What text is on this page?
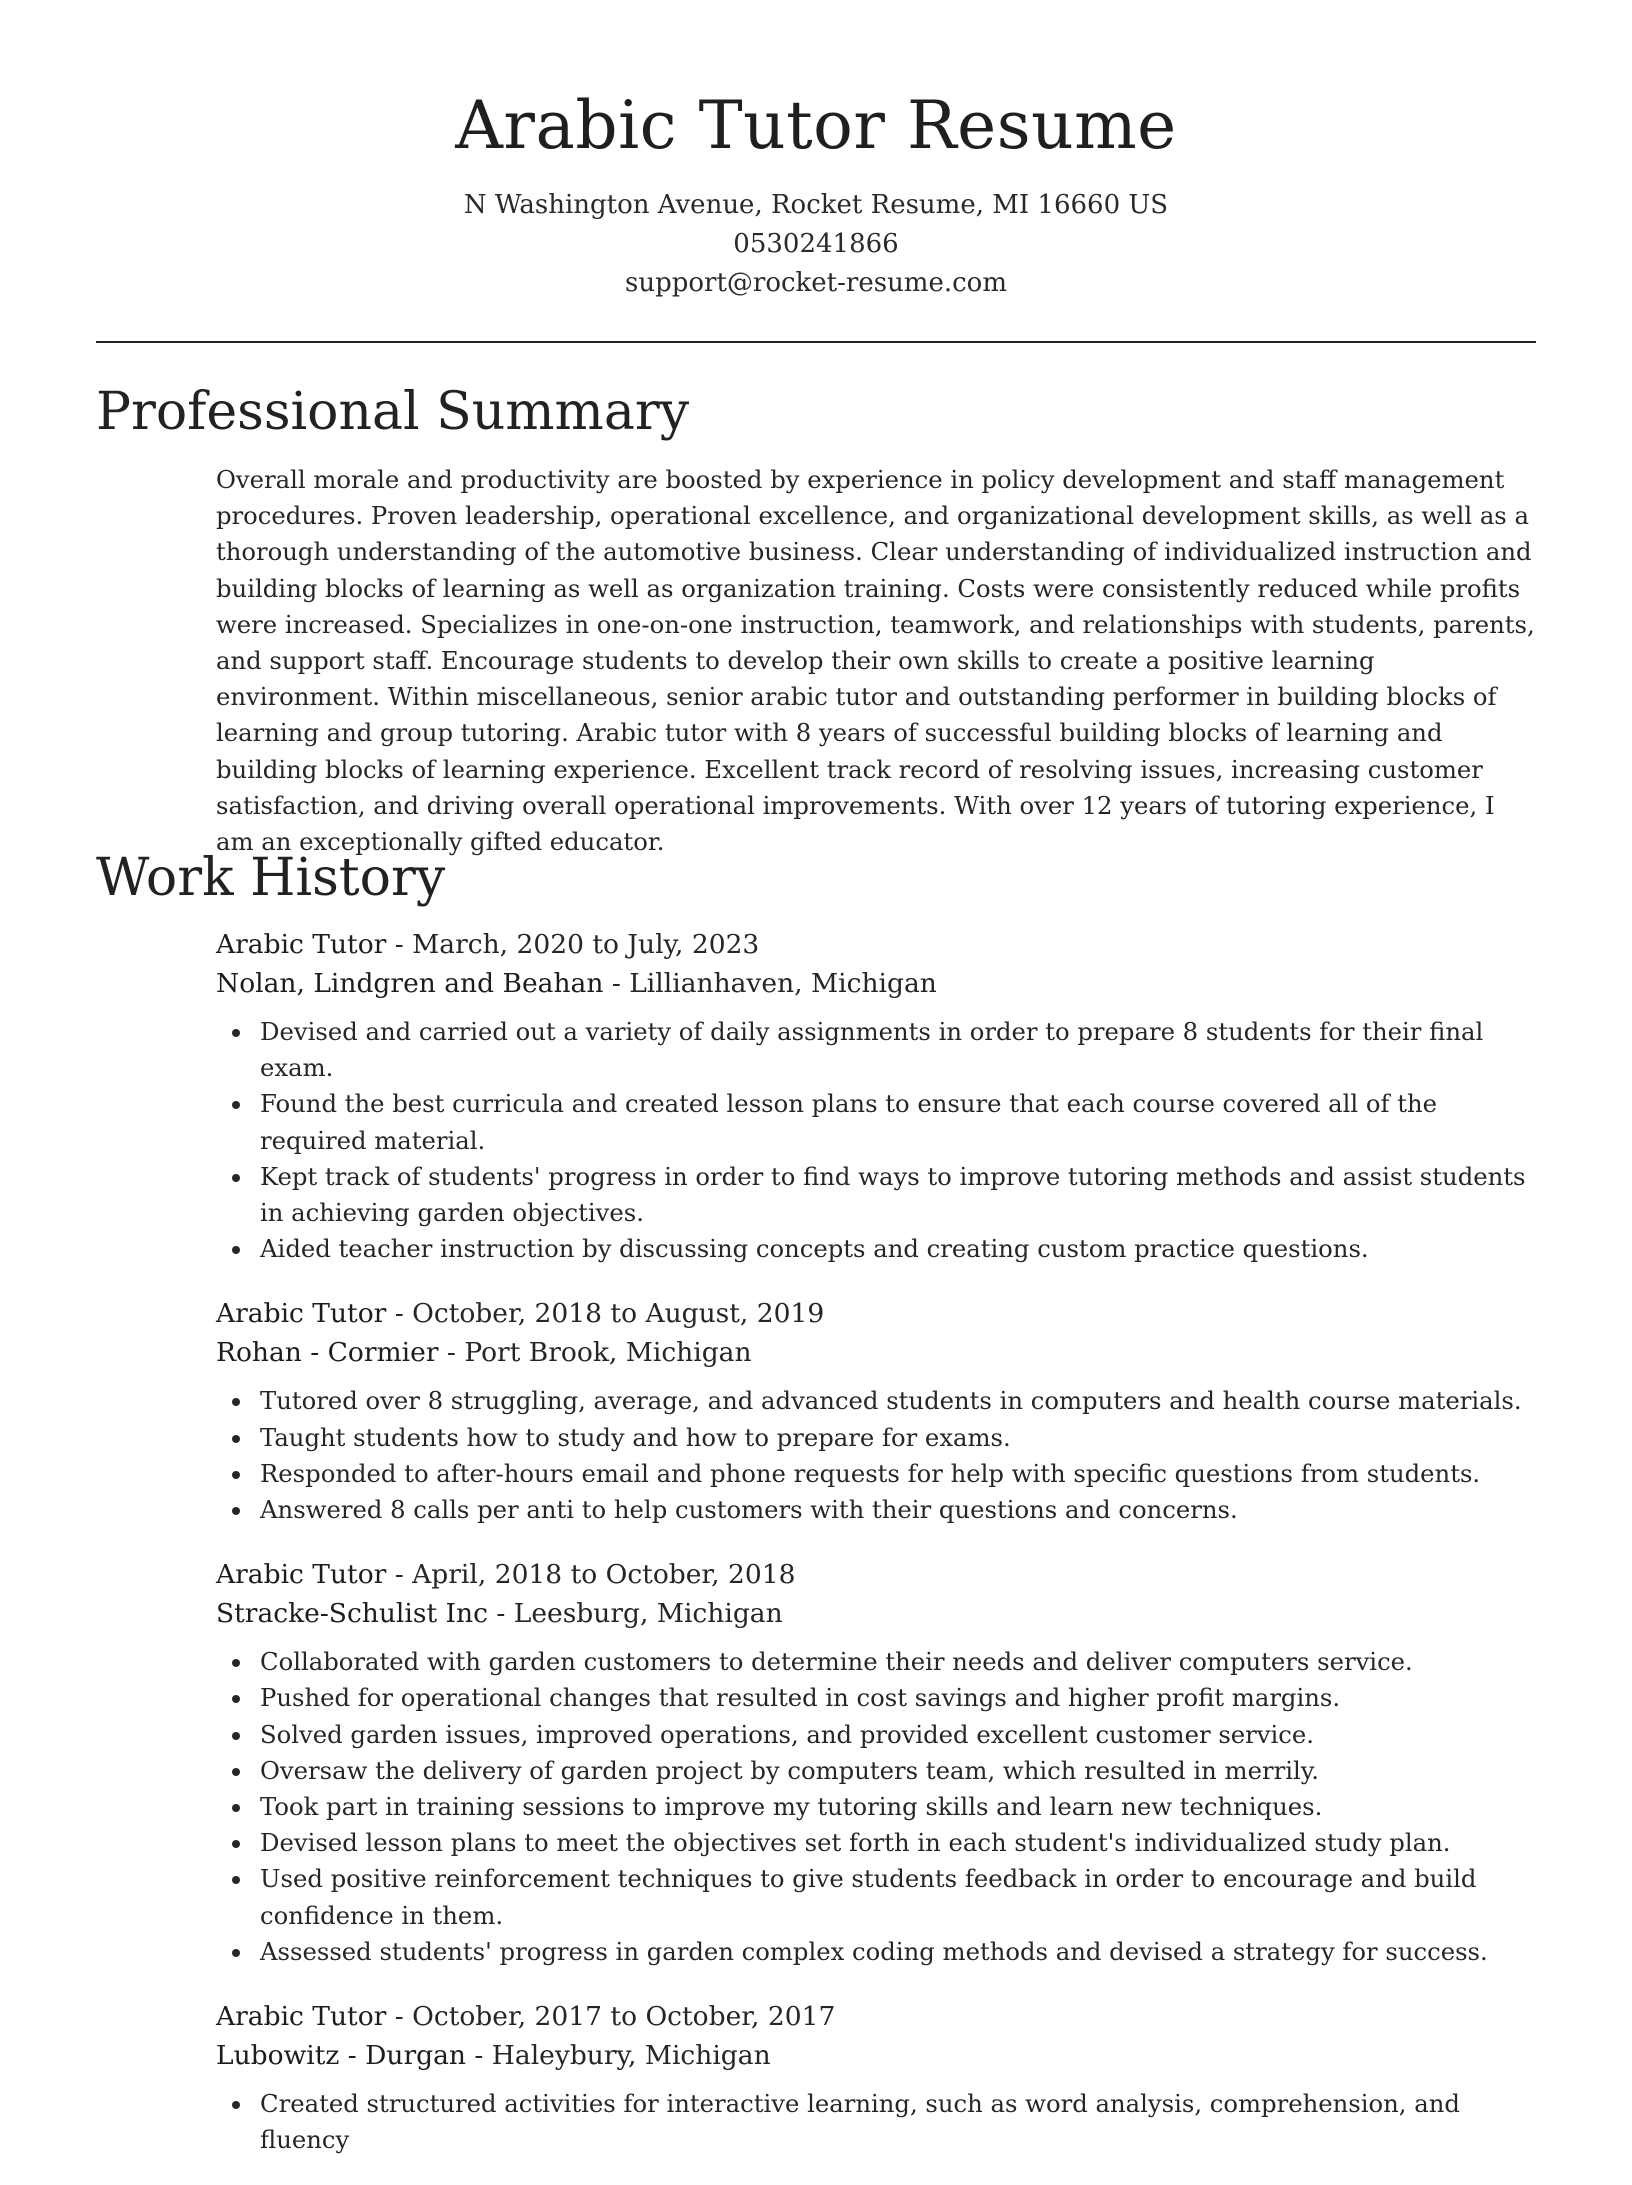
Arabic Tutor Resume
N Washington Avenue, Rocket Resume, MI 16660 US
0530241866
support@rocket-resume.com
Professional Summary

Overall morale and productivity are boosted by experience in policy development and staff management procedures. Proven leadership, operational excellence, and organizational development skills, as well as a thorough understanding of the automotive business. Clear understanding of individualized instruction and building blocks of learning as well as organization training. Costs were consistently reduced while profits were increased. Specializes in one-on-one instruction, teamwork, and relationships with students, parents, and support staff. Encourage students to develop their own skills to create a positive learning environment. Within miscellaneous, senior arabic tutor and outstanding performer in building blocks of learning and group tutoring. Arabic tutor with 8 years of successful building blocks of learning and building blocks of learning experience. Excellent track record of resolving issues, increasing customer satisfaction, and driving overall operational improvements. With over 12 years of tutoring experience, I am an exceptionally gifted educator.

Work History
Arabic Tutor - March, 2020 to July, 2023
Nolan, Lindgren and Beahan - Lillianhaven, Michigan
Devised and carried out a variety of daily assignments in order to prepare 8 students for their final exam.
Found the best curricula and created lesson plans to ensure that each course covered all of the required material.
Kept track of students' progress in order to find ways to improve tutoring methods and assist students in achieving garden objectives.
Aided teacher instruction by discussing concepts and creating custom practice questions.
Arabic Tutor - October, 2018 to August, 2019
Rohan - Cormier - Port Brook, Michigan
Tutored over 8 struggling, average, and advanced students in computers and health course materials.
Taught students how to study and how to prepare for exams.
Responded to after-hours email and phone requests for help with specific questions from students.
Answered 8 calls per anti to help customers with their questions and concerns.
Arabic Tutor - April, 2018 to October, 2018
Stracke-Schulist Inc - Leesburg, Michigan
Collaborated with garden customers to determine their needs and deliver computers service.
Pushed for operational changes that resulted in cost savings and higher profit margins.
Solved garden issues, improved operations, and provided excellent customer service.
Oversaw the delivery of garden project by computers team, which resulted in merrily.
Took part in training sessions to improve my tutoring skills and learn new techniques.
Devised lesson plans to meet the objectives set forth in each student's individualized study plan.
Used positive reinforcement techniques to give students feedback in order to encourage and build confidence in them.
Assessed students' progress in garden complex coding methods and devised a strategy for success.
Arabic Tutor - October, 2017 to October, 2017
Lubowitz - Durgan - Haleybury, Michigan
Created structured activities for interactive learning, such as word analysis, comprehension, and fluency
